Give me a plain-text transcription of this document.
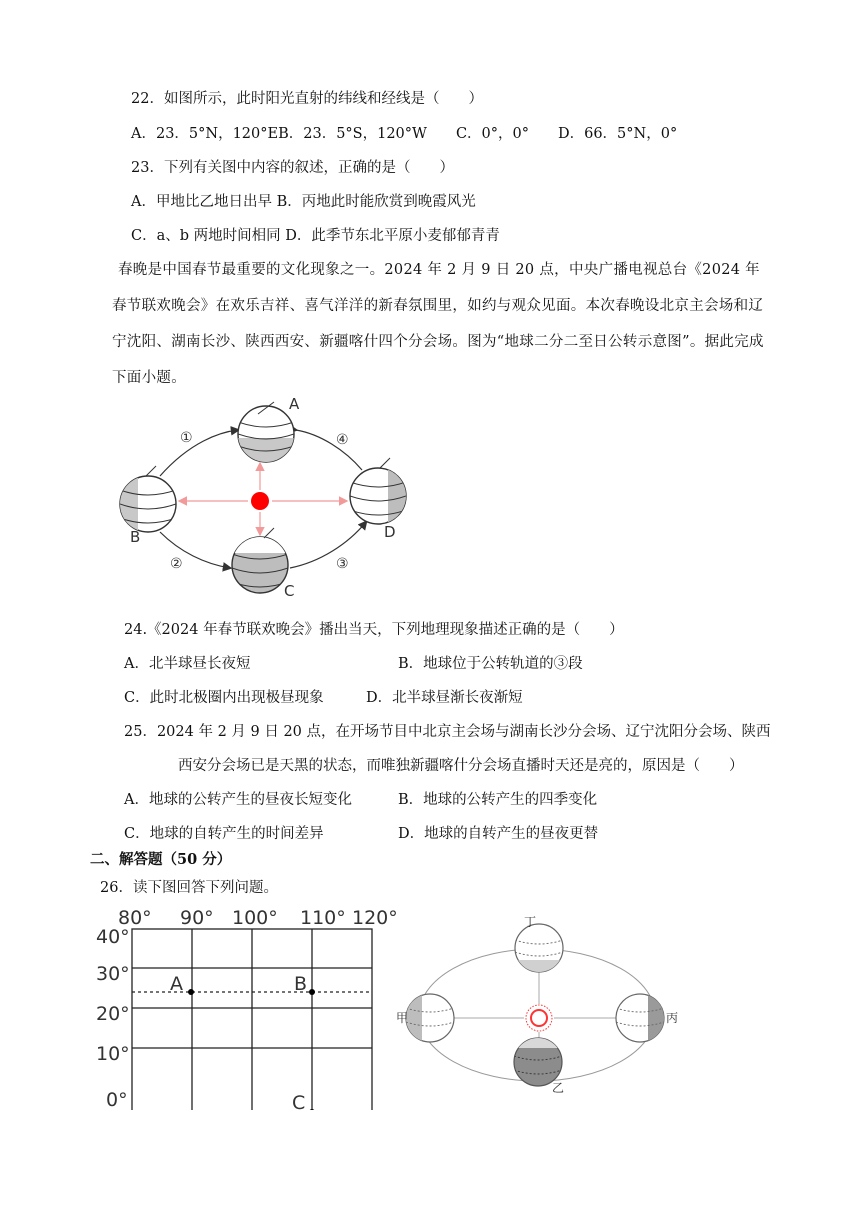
22．如图所示，此时阳光直射的纬线和经线是（　　）
A．23．5°N，120°EB．23．5°S，120°W　　C．0°，0°　　D．66．5°N，0°
23．下列有关图中内容的叙述，正确的是（　　）
A．甲地比乙地日出早 B．丙地此时能欣赏到晚霞风光
C．a、b 两地时间相同 D．此季节东北平原小麦郁郁青青
春晚是中国春节最重要的文化现象之一。2024 年 2 月 9 日 20 点，中央广播电视总台《2024 年春节联欢晚会》在欢乐吉祥、喜气洋洋的新春氛围里，如约与观众见面。本次春晚设北京主会场和辽宁沈阳、湖南长沙、陕西西安、新疆喀什四个分会场。图为“地球二分二至日公转示意图”。据此完成下面小题。
A
B
C
D
①	④
②	③
24.《2024 年春节联欢晚会》播出当天，下列地理现象描述正确的是（　　）
A．北半球昼长夜短	B．地球位于公转轨道的③段
C．此时北极圈内出现极昼现象	D．北半球昼渐长夜渐短
25．2024 年 2 月 9 日 20 点，在开场节目中北京主会场与湖南长沙分会场、辽宁沈阳分会场、陕西
西安分会场已是天黑的状态，而唯独新疆喀什分会场直播时天还是亮的，原因是（　　）
A．地球的公转产生的昼夜长短变化	B．地球的公转产生的四季变化
C．地球的自转产生的时间差异	D．地球的自转产生的昼夜更替
二、解答题（50 分）
26．读下图回答下列问题。
80° 90° 100° 110° 120°
40°
30°
20°
10°
0°
A	B
C
丁
甲	丙
乙
